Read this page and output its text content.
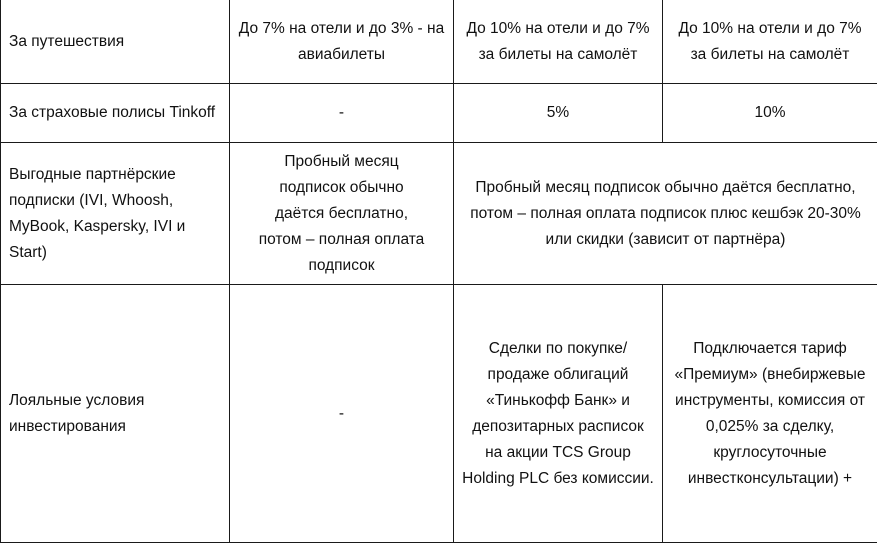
За путешествия	До 7% на отели и до 3% - на авиабилеты	До 10% на отели и до 7% за билеты на самолёт	До 10% на отели и до 7% за билеты на самолёт
За страховые полисы Tinkoff	-	5%	10%
Выгодные партнёрские подписки (IVI, Whoosh, MyBook, Kaspersky, IVI и Start)	Пробный месяц подписок обычно даётся бесплатно, потом – полная оплата подписок	Пробный месяц подписок обычно даётся бесплатно, потом – полная оплата подписок плюс кешбэк 20-30% или скидки (зависит от партнёра)	
Лояльные условия инвестирования	-	Сделки по покупке/продаже облигаций «Тинькофф Банк» и депозитарных расписок на акции TCS Group Holding PLC без комиссии.	Подключается тариф «Премиум» (внебиржевые инструменты, комиссия от 0,025% за сделку, круглосуточные инвестконсультации) +
